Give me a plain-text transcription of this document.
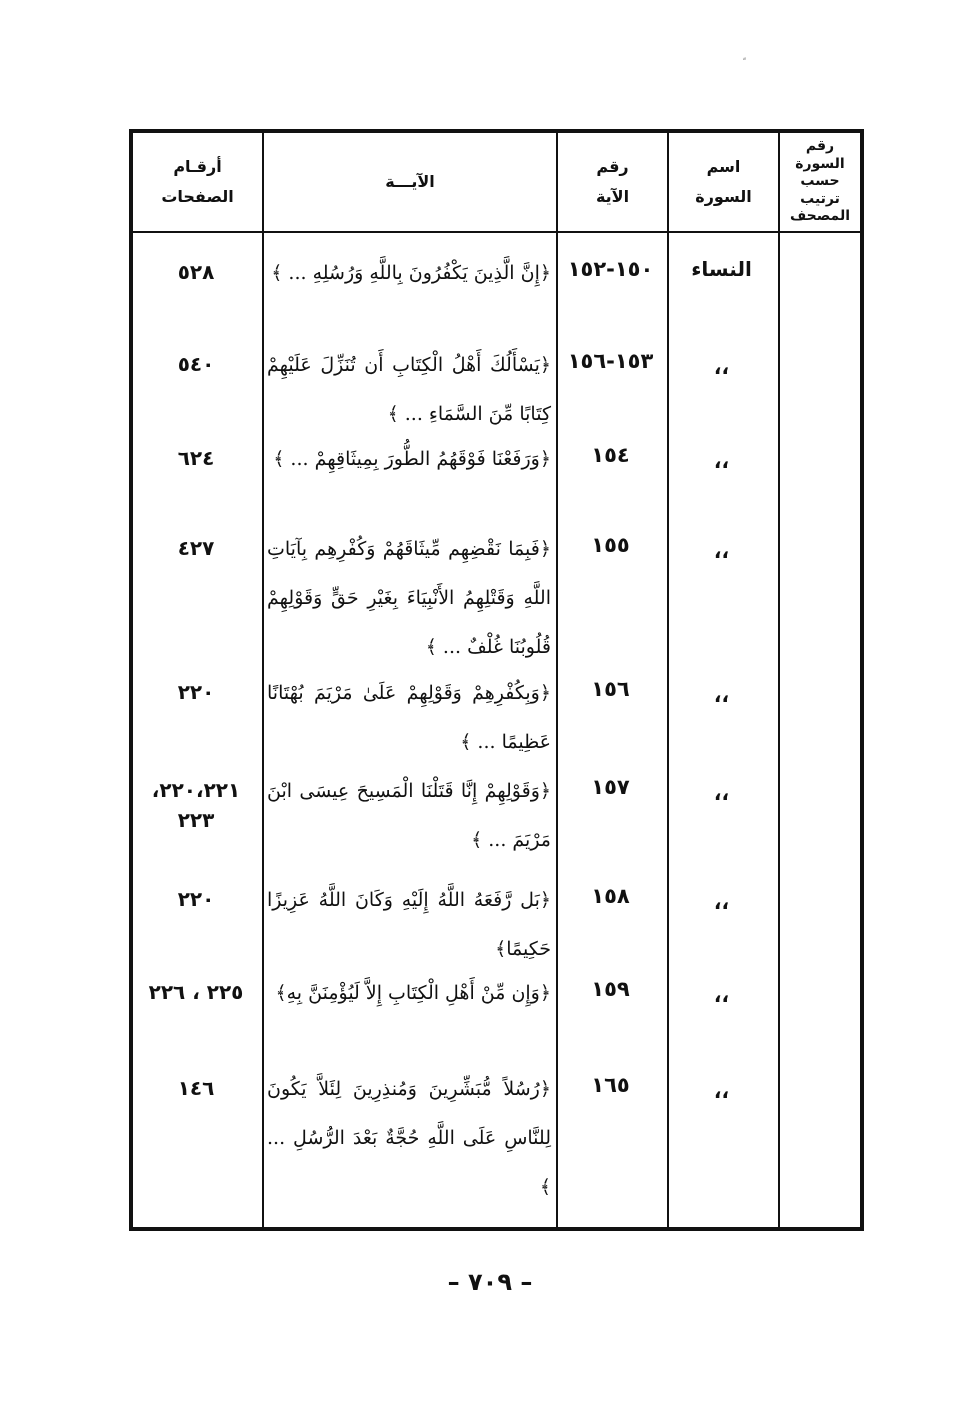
رقم السورة
حسب
ترتيب
المصحف
اسم
السورة
رقم
الآية
الآيـــة
أرقـام
الصفحات
النساء
١٥٠-١٥٢
﴿إِنَّ الَّذِينَ يَكْفُرُونَ بِاللَّهِ وَرُسُلِهِ ... ﴾
٥٢٨
،،
١٥٣-١٥٦
﴿يَسْأَلُكَ أَهْلُ الْكِتَابِ أَن تُنَزِّلَ عَلَيْهِمْ كِتَابًا مِّنَ السَّمَاءِ ... ﴾
٥٤٠
،،
١٥٤
﴿وَرَفَعْنَا فَوْقَهُمُ الطُّورَ بِمِيثَاقِهِمْ ... ﴾
٦٢٤
،،
١٥٥
﴿فَبِمَا نَقْضِهِم مِّيثَاقَهُمْ وَكُفْرِهِم بِآيَاتِ اللَّهِ وَقَتْلِهِمُ الأَنْبِيَاءَ بِغَيْرِ حَقٍّ وَقَوْلِهِمْ قُلُوبُنَا غُلْفٌ ... ﴾
٤٢٧
،،
١٥٦
﴿وَبِكُفْرِهِمْ وَقَوْلِهِمْ عَلَىٰ مَرْيَمَ بُهْتَانًا عَظِيمًا ... ﴾
٢٢٠
،،
١٥٧
﴿وَقَوْلِهِمْ إِنَّا قَتَلْنَا الْمَسِيحَ عِيسَى ابْنَ مَرْيَمَ ... ﴾
٢٢٠،٢٢١، ٢٢٣
،،
١٥٨
﴿بَل رَّفَعَهُ اللَّهُ إِلَيْهِ وَكَانَ اللَّهُ عَزِيزًا حَكِيمًا﴾
٢٢٠
،،
١٥٩
﴿وَإِن مِّنْ أَهْلِ الْكِتَابِ إِلاَّ لَيُؤْمِنَنَّ بِهِ﴾
٢٢٥ ، ٢٢٦
،،
١٦٥
﴿رُسُلاً مُّبَشِّرِينَ وَمُنذِرِينَ لِئَلاَّ يَكُونَ لِلنَّاسِ عَلَى اللَّهِ حُجَّةٌ بَعْدَ الرُّسُلِ ... ﴾
١٤٦
– ٧٠٩ –
